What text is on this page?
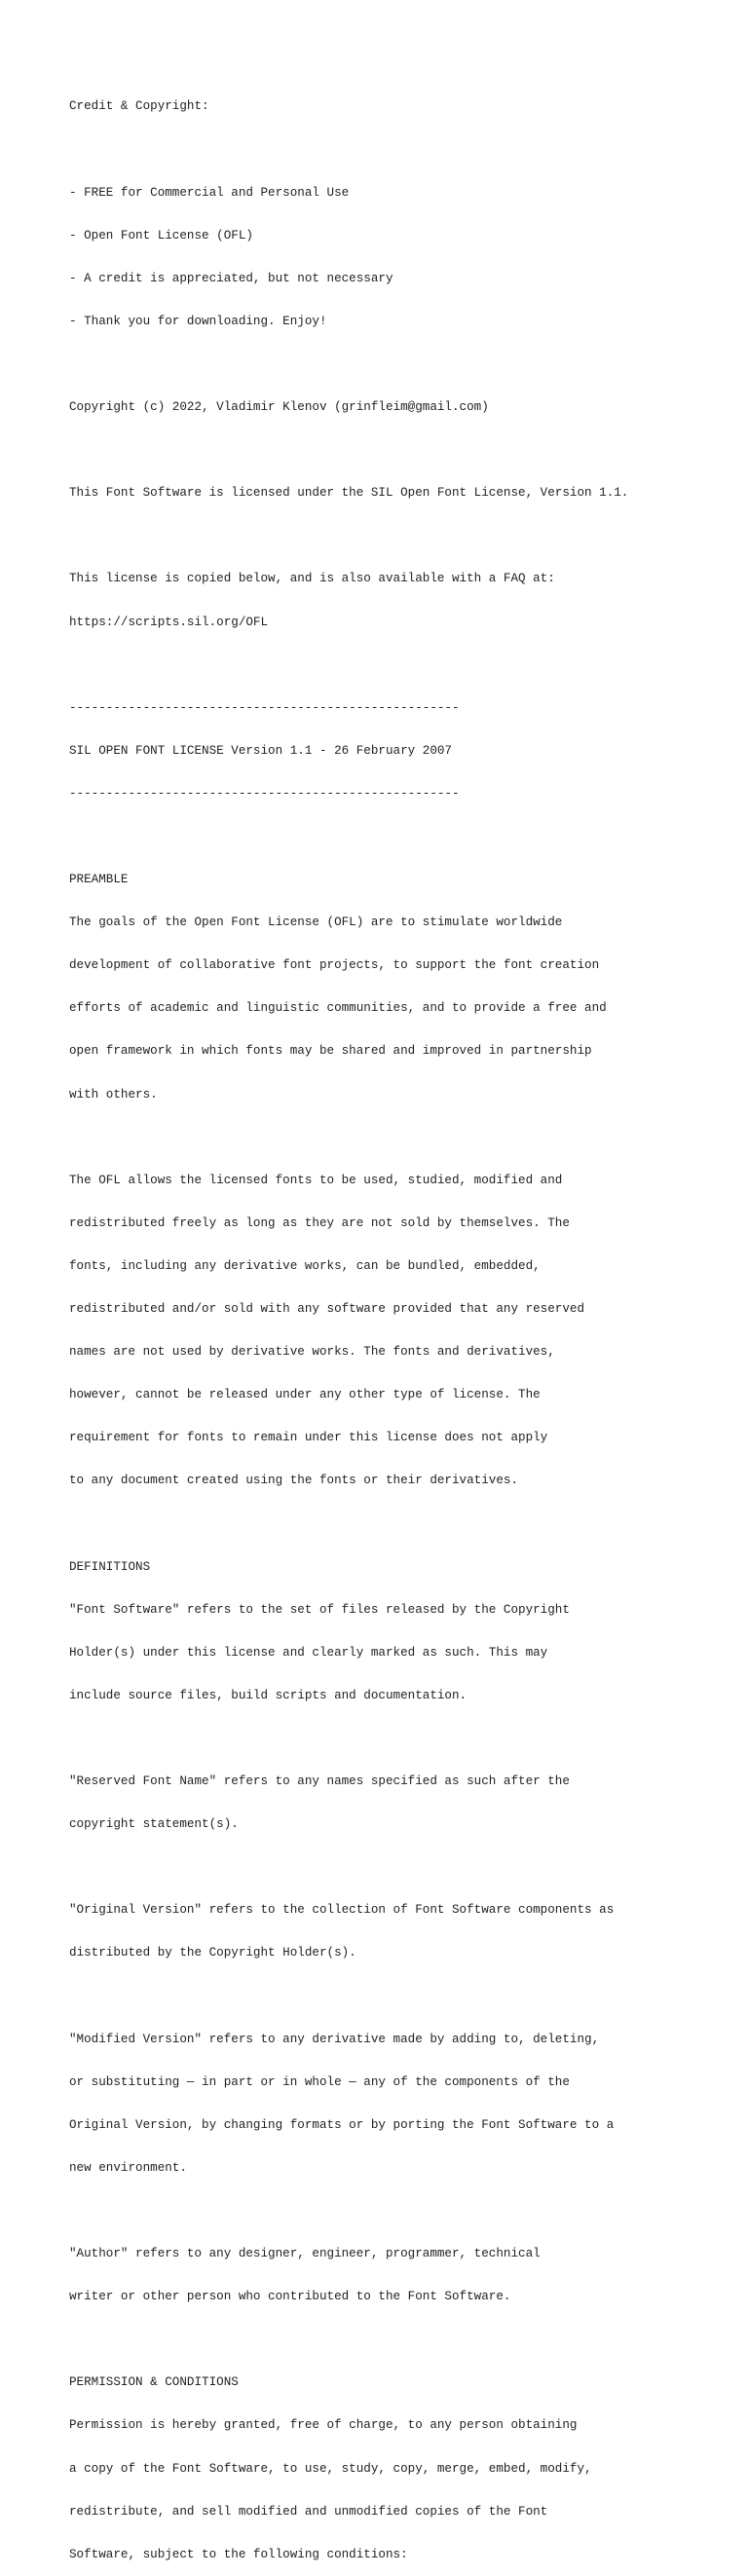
Credit & Copyright:

- FREE for Commercial and Personal Use

- Open Font License (OFL)

- A credit is appreciated, but not necessary

- Thank you for downloading. Enjoy!

Copyright (c) 2022, Vladimir Klenov (grinfleim@gmail.com)

This Font Software is licensed under the SIL Open Font License, Version 1.1.

This license is copied below, and is also available with a FAQ at:

https://scripts.sil.org/OFL

-----------------------------------------------------

SIL OPEN FONT LICENSE Version 1.1 - 26 February 2007

-----------------------------------------------------

PREAMBLE

The goals of the Open Font License (OFL) are to stimulate worldwide

development of collaborative font projects, to support the font creation

efforts of academic and linguistic communities, and to provide a free and

open framework in which fonts may be shared and improved in partnership

with others.

The OFL allows the licensed fonts to be used, studied, modified and

redistributed freely as long as they are not sold by themselves. The

fonts, including any derivative works, can be bundled, embedded,

redistributed and/or sold with any software provided that any reserved

names are not used by derivative works. The fonts and derivatives,

however, cannot be released under any other type of license. The

requirement for fonts to remain under this license does not apply

to any document created using the fonts or their derivatives.

DEFINITIONS

"Font Software" refers to the set of files released by the Copyright

Holder(s) under this license and clearly marked as such. This may

include source files, build scripts and documentation.

"Reserved Font Name" refers to any names specified as such after the

copyright statement(s).

"Original Version" refers to the collection of Font Software components as

distributed by the Copyright Holder(s).

"Modified Version" refers to any derivative made by adding to, deleting,

or substituting — in part or in whole — any of the components of the

Original Version, by changing formats or by porting the Font Software to a

new environment.

"Author" refers to any designer, engineer, programmer, technical

writer or other person who contributed to the Font Software.

PERMISSION & CONDITIONS

Permission is hereby granted, free of charge, to any person obtaining

a copy of the Font Software, to use, study, copy, merge, embed, modify,

redistribute, and sell modified and unmodified copies of the Font

Software, subject to the following conditions:
